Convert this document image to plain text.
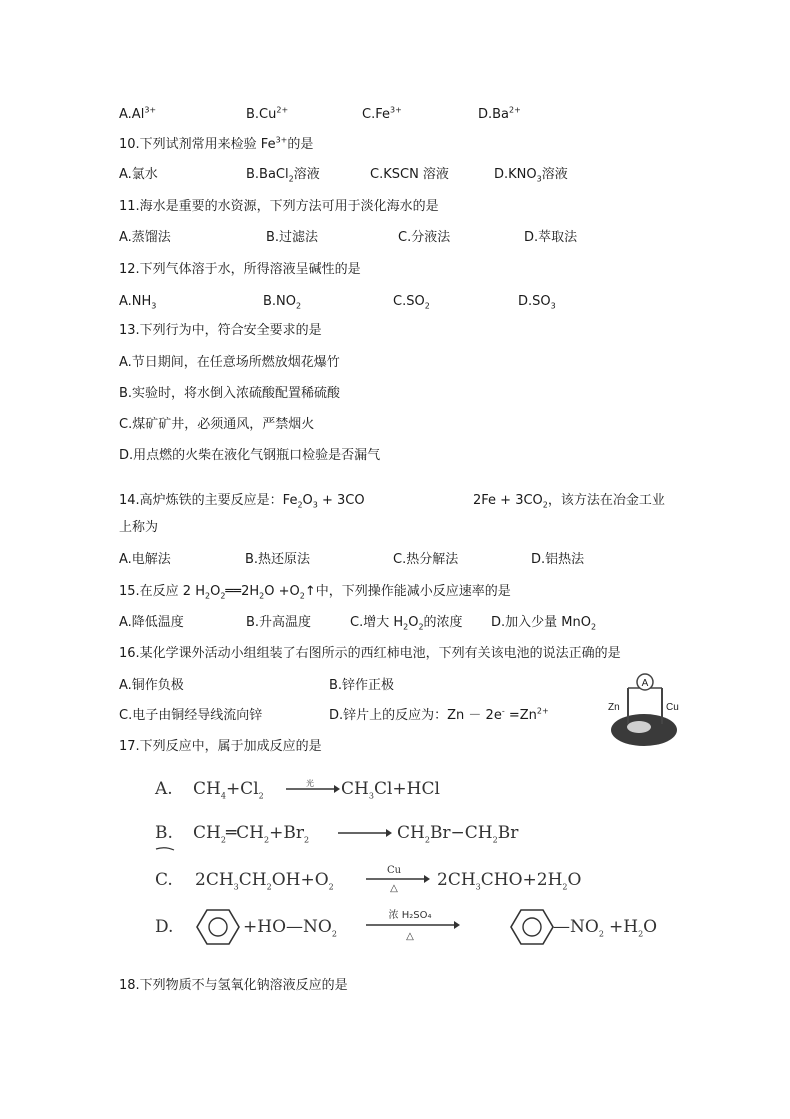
$A.Al^{3+}$	$B.Cu^{2+}$	$C.Fe^{3+}$	$D.Ba^{2+}$
10.下列试剂常用来检验 $Fe^{3+}$的是
A.氯水	B.BaCl$_2$溶液	C.KSCN 溶液	$D.KNO_3$溶液
11.海水是重要的水资源，下列方法可用于淡化海水的是
A.蒸馏法	B.过滤法	C.分液法	D.萃取法
12.下列气体溶于水，所得溶液呈碱性的是
$A.NH_3$	$B.NO_2$	$C.SO_2$	$D.SO_3$
13.下列行为中，符合安全要求的是
A.节日期间，在任意场所燃放烟花爆竹
B.实验时，将水倒入浓硫酸配置稀硫酸
C.煤矿矿井，必须通风，严禁烟火
D.用点燃的火柴在液化气钢瓶口检验是否漏气
14.高炉炼铁的主要反应是：$Fe_2O_3 + 3CO$	$2Fe + 3CO_2$，该方法在冶金工业
上称为
A.电解法	B.热还原法	C.热分解法	D.铝热法
15.在反应 2 $H_2O_2══2H_2O$ $+O_2↑$中，下列操作能减小反应速率的是
A.降低温度	B.升高温度	C.增大 $H_2O_2$的浓度 D.加入少量 MnO$_2$
16.某化学课外活动小组组装了右图所示的西红柿电池，下列有关该电池的说法正确的是
A.铜作负极	B.锌作正极
C.电子由铜经导线流向锌	D.锌片上的反应为：$Zn - 2e^- =Zn^{2+}$
A
Zn	Cu
17.下列反应中，属于加成反应的是
A. $CH_4+Cl_2$	$CH_3Cl+HCl$
光
B. $CH_2═CH_2+Br_2$	$CH_2Br-CH_2Br$
C. $2CH_3CH_2OH+O_2$	$2CH_3CHO+2H_2O$
Cu
△
D.	$+HO—NO_2$	$—NO_2 +H_2O$
浓 H₂SO₄
△
18.下列物质不与氢氧化钠溶液反应的是
